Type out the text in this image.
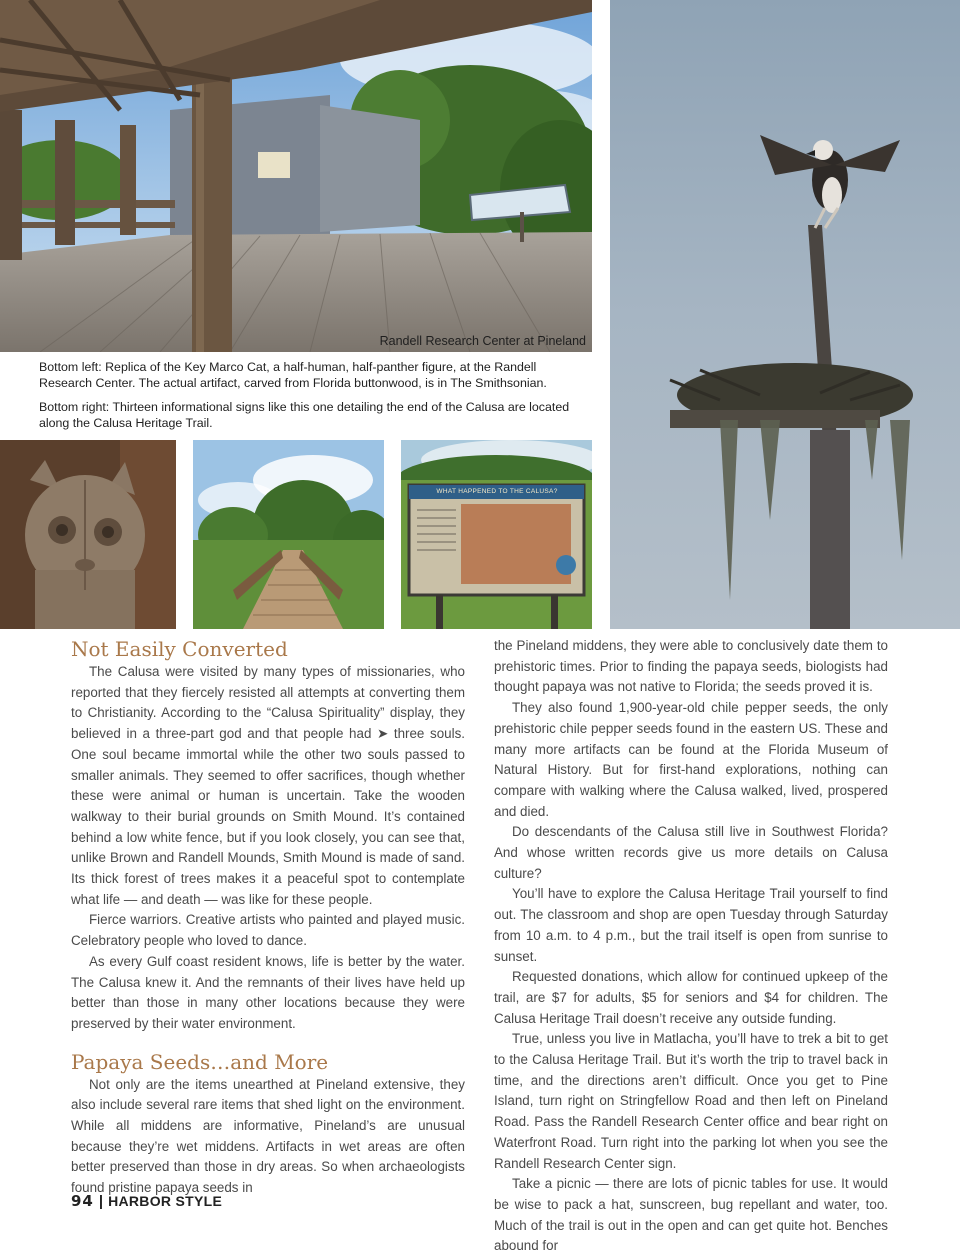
Randell Research Center at Pineland
Bottom left: Replica of the Key Marco Cat, a half-human, half-panther figure, at the Randell Research Center. The actual artifact, carved from Florida buttonwood, is in The Smithsonian.
Bottom right: Thirteen informational signs like this one detailing the end of the Calusa are located along the Calusa Heritage Trail.
WHAT HAPPENED TO THE CALUSA?
Not Easily Converted

The Calusa were visited by many types of missionaries, who reported that they fiercely resisted all attempts at converting them to Christianity. According to the “Calusa Spirituality” display, they believed in a three-part god and that people had ➤ three souls. One soul became immortal while the other two souls passed to smaller animals. They seemed to offer sacrifices, though whether these were animal or human is uncertain. Take the wooden walkway to their burial grounds on Smith Mound. It’s contained behind a low white fence, but if you look closely, you can see that, unlike Brown and Randell Mounds, Smith Mound is made of sand. Its thick forest of trees makes it a peaceful spot to contemplate what life — and death — was like for these people.

Fierce warriors. Creative artists who painted and played music. Celebratory people who loved to dance.

As every Gulf coast resident knows, life is better by the water. The Calusa knew it. And the remnants of their lives have held up better than those in many other locations because they were preserved by their water environment.

Papaya Seeds…and More

Not only are the items unearthed at Pineland extensive, they also include several rare items that shed light on the environment. While all middens are informative, Pineland’s are unusual because they’re wet middens. Artifacts in wet areas are often better preserved than those in dry areas. So when archaeologists found pristine papaya seeds in

the Pineland middens, they were able to conclusively date them to prehistoric times. Prior to finding the papaya seeds, biologists had thought papaya was not native to Florida; the seeds proved it is.

They also found 1,900-year-old chile pepper seeds, the only prehistoric chile pepper seeds found in the eastern US. These and many more artifacts can be found at the Florida Museum of Natural History. But for first-hand explorations, nothing can compare with walking where the Calusa walked, lived, prospered and died.

Do descendants of the Calusa still live in Southwest Florida? And whose written records give us more details on Calusa culture?

You’ll have to explore the Calusa Heritage Trail yourself to find out. The classroom and shop are open Tuesday through Saturday from 10 a.m. to 4 p.m., but the trail itself is open from sunrise to sunset.

Requested donations, which allow for continued upkeep of the trail, are $7 for adults, $5 for seniors and $4 for children. The Calusa Heritage Trail doesn’t receive any outside funding.

True, unless you live in Matlacha, you’ll have to trek a bit to get to the Calusa Heritage Trail. But it’s worth the trip to travel back in time, and the directions aren’t difficult. Once you get to Pine Island, turn right on Stringfellow Road and then left on Pineland Road. Pass the Randell Research Center office and bear right on Waterfront Road. Turn right into the parking lot when you see the Randell Research Center sign.

Take a picnic — there are lots of picnic tables for use. It would be wise to pack a hat, sunscreen, bug repellant and water, too. Much of the trail is out in the open and can get quite hot. Benches abound for

94 | HARBOR STYLE
